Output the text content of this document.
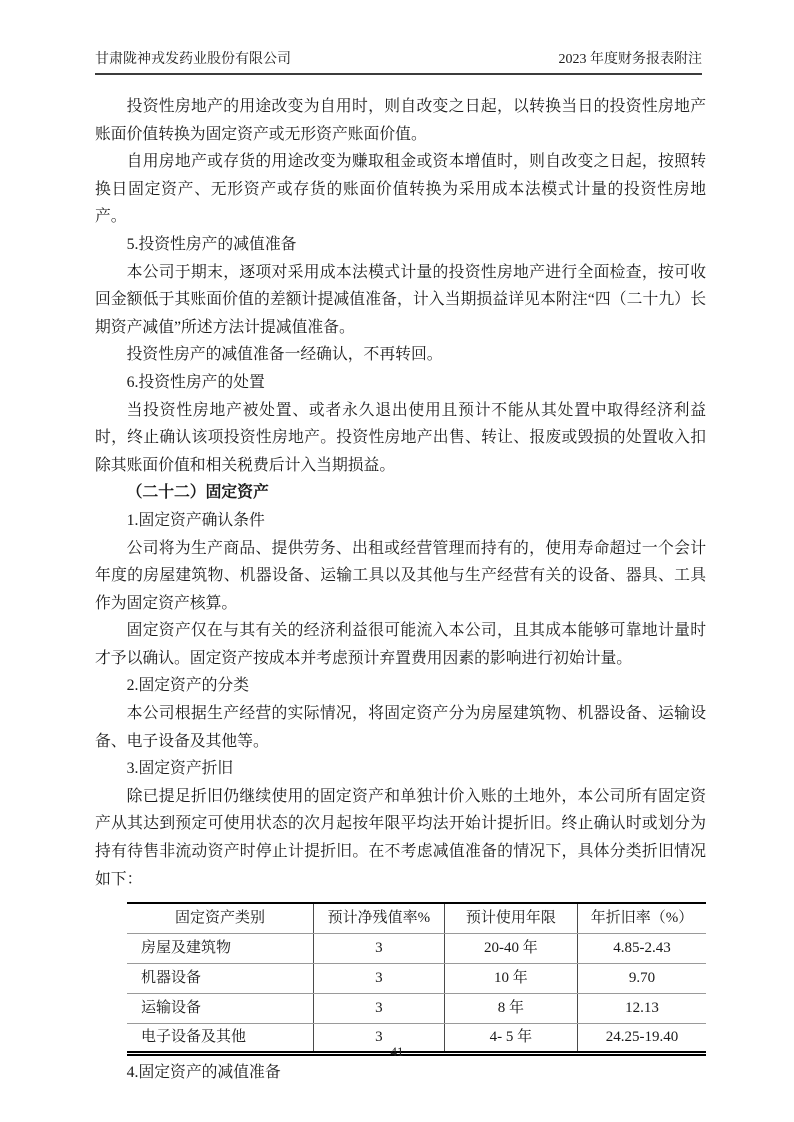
甘肃陇神戎发药业股份有限公司	2023 年度财务报表附注

投资性房地产的用途改变为自用时，则自改变之日起，以转换当日的投资性房地产账面价值转换为固定资产或无形资产账面价值。

自用房地产或存货的用途改变为赚取租金或资本增值时，则自改变之日起，按照转换日固定资产、无形资产或存货的账面价值转换为采用成本法模式计量的投资性房地产。

5.投资性房产的减值准备

本公司于期末，逐项对采用成本法模式计量的投资性房地产进行全面检查，按可收回金额低于其账面价值的差额计提减值准备，计入当期损益详见本附注“四（二十九）长期资产减值”所述方法计提减值准备。

投资性房产的减值准备一经确认，不再转回。

6.投资性房产的处置

当投资性房地产被处置、或者永久退出使用且预计不能从其处置中取得经济利益时，终止确认该项投资性房地产。投资性房地产出售、转让、报废或毁损的处置收入扣除其账面价值和相关税费后计入当期损益。

（二十二）固定资产

1.固定资产确认条件

公司将为生产商品、提供劳务、出租或经营管理而持有的，使用寿命超过一个会计年度的房屋建筑物、机器设备、运输工具以及其他与生产经营有关的设备、器具、工具作为固定资产核算。

固定资产仅在与其有关的经济利益很可能流入本公司，且其成本能够可靠地计量时才予以确认。固定资产按成本并考虑预计弃置费用因素的影响进行初始计量。

2.固定资产的分类

本公司根据生产经营的实际情况，将固定资产分为房屋建筑物、机器设备、运输设备、电子设备及其他等。

3.固定资产折旧

除已提足折旧仍继续使用的固定资产和单独计价入账的土地外，本公司所有固定资产从其达到预定可使用状态的次月起按年限平均法开始计提折旧。终止确认时或划分为持有待售非流动资产时停止计提折旧。在不考虑减值准备的情况下，具体分类折旧情况如下：

固定资产类别	预计净残值率%	预计使用年限	年折旧率（%）
房屋及建筑物	3	20-40 年	4.85-2.43
机器设备	3	10 年	9.70
运输设备	3	8 年	12.13
电子设备及其他	3	4- 5 年	24.25-19.40

4.固定资产的减值准备

41
